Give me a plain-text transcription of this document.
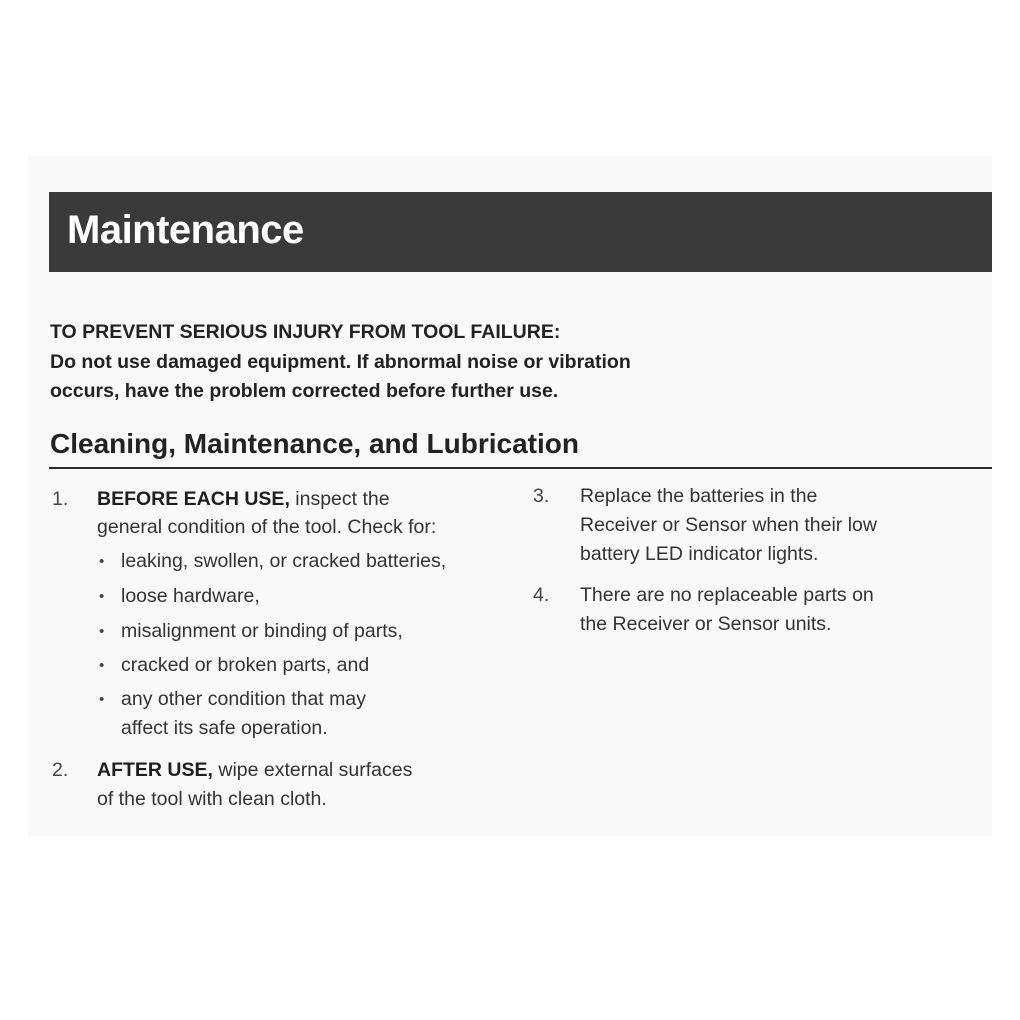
Maintenance
TO PREVENT SERIOUS INJURY FROM TOOL FAILURE:
Do not use damaged equipment. If abnormal noise or vibration
occurs, have the problem corrected before further use.
Cleaning, Maintenance, and Lubrication
1. BEFORE EACH USE, inspect the
general condition of the tool. Check for:
• leaking, swollen, or cracked batteries,
• loose hardware,
• misalignment or binding of parts,
• cracked or broken parts, and
• any other condition that may
affect its safe operation.
2. AFTER USE, wipe external surfaces
of the tool with clean cloth.
3. Replace the batteries in the
Receiver or Sensor when their low
battery LED indicator lights.
4. There are no replaceable parts on
the Receiver or Sensor units.
